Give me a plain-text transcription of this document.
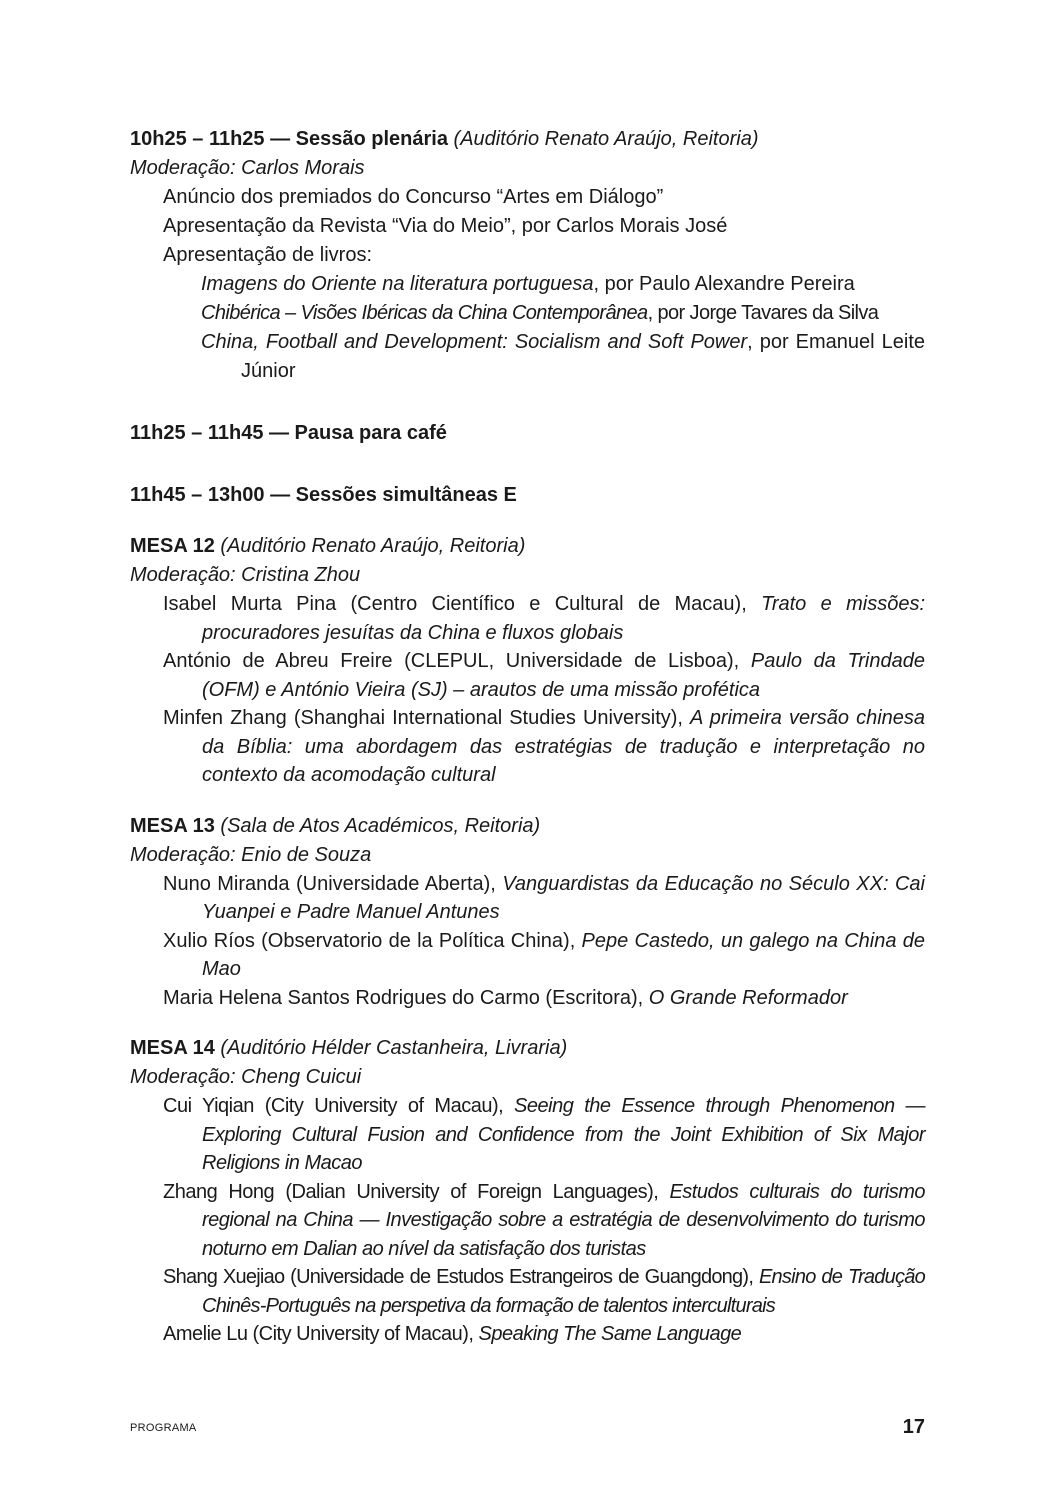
10h25 – 11h25 — Sessão plenária (Auditório Renato Araújo, Reitoria)
Moderação: Carlos Morais
Anúncio dos premiados do Concurso “Artes em Diálogo”
Apresentação da Revista “Via do Meio”, por Carlos Morais José
Apresentação de livros:
Imagens do Oriente na literatura portuguesa, por Paulo Alexandre Pereira
Chibérica – Visões Ibéricas da China Contemporânea, por Jorge Tavares da Silva
China, Football and Development: Socialism and Soft Power, por Emanuel Leite Júnior
11h25 – 11h45 — Pausa para café
11h45 – 13h00 — Sessões simultâneas E
MESA 12 (Auditório Renato Araújo, Reitoria)
Moderação: Cristina Zhou
Isabel Murta Pina (Centro Científico e Cultural de Macau), Trato e missões: procuradores jesuítas da China e fluxos globais
António de Abreu Freire (CLEPUL, Universidade de Lisboa), Paulo da Trindade (OFM) e António Vieira (SJ) – arautos de uma missão profética
Minfen Zhang (Shanghai International Studies University), A primeira versão chinesa da Bíblia: uma abordagem das estratégias de tradução e interpretação no contexto da acomodação cultural
MESA 13 (Sala de Atos Académicos, Reitoria)
Moderação: Enio de Souza
Nuno Miranda (Universidade Aberta), Vanguardistas da Educação no Século XX: Cai Yuanpei e Padre Manuel Antunes
Xulio Ríos (Observatorio de la Política China), Pepe Castedo, un galego na China de Mao
Maria Helena Santos Rodrigues do Carmo (Escritora), O Grande Reformador
MESA 14 (Auditório Hélder Castanheira, Livraria)
Moderação: Cheng Cuicui
Cui Yiqian (City University of Macau), Seeing the Essence through Phenomenon — Exploring Cultural Fusion and Confidence from the Joint Exhibition of Six Major Religions in Macao
Zhang Hong (Dalian University of Foreign Languages), Estudos culturais do turismo regional na China — Investigação sobre a estratégia de desenvolvimento do turismo noturno em Dalian ao nível da satisfação dos turistas
Shang Xuejiao (Universidade de Estudos Estrangeiros de Guangdong), Ensino de Tradução Chinês-Português na perspetiva da formação de talentos interculturais
Amelie Lu (City University of Macau), Speaking The Same Language
PROGRAMA	17
